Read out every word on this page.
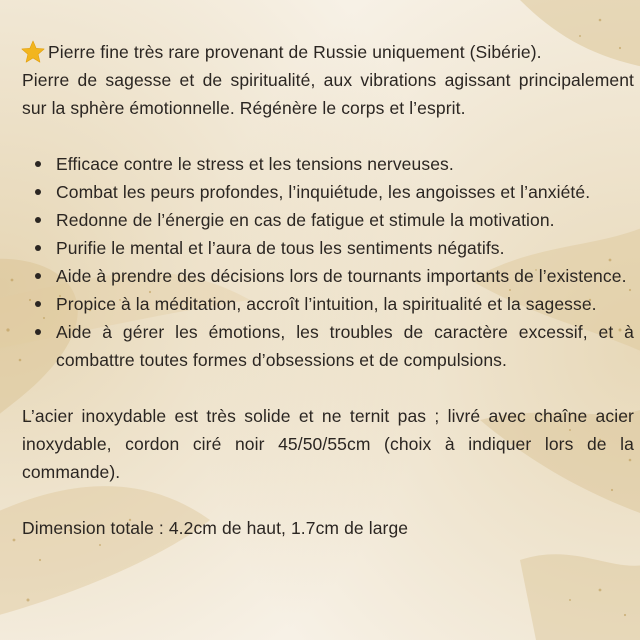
Pierre fine très rare provenant de Russie uniquement (Sibérie).

Pierre de sagesse et de spiritualité, aux vibrations agissant principalement sur la sphère émotionnelle. Régénère le corps et l’esprit.

Efficace contre le stress et les tensions nerveuses.
Combat les peurs profondes, l’inquiétude, les angoisses et l’anxiété.
Redonne de l’énergie en cas de fatigue et stimule la motivation.
Purifie le mental et l’aura de tous les sentiments négatifs.
Aide à prendre des décisions lors de tournants importants de l’existence.
Propice à la méditation, accroît l’intuition, la spiritualité et la sagesse.
Aide à gérer les émotions, les troubles de caractère excessif, et à combattre toutes formes d’obsessions et de compulsions.

L’acier inoxydable est très solide et ne ternit pas ; livré avec chaîne acier inoxydable, cordon ciré noir 45/50/55cm (choix à indiquer lors de la commande).

Dimension totale : 4.2cm de haut, 1.7cm de large
